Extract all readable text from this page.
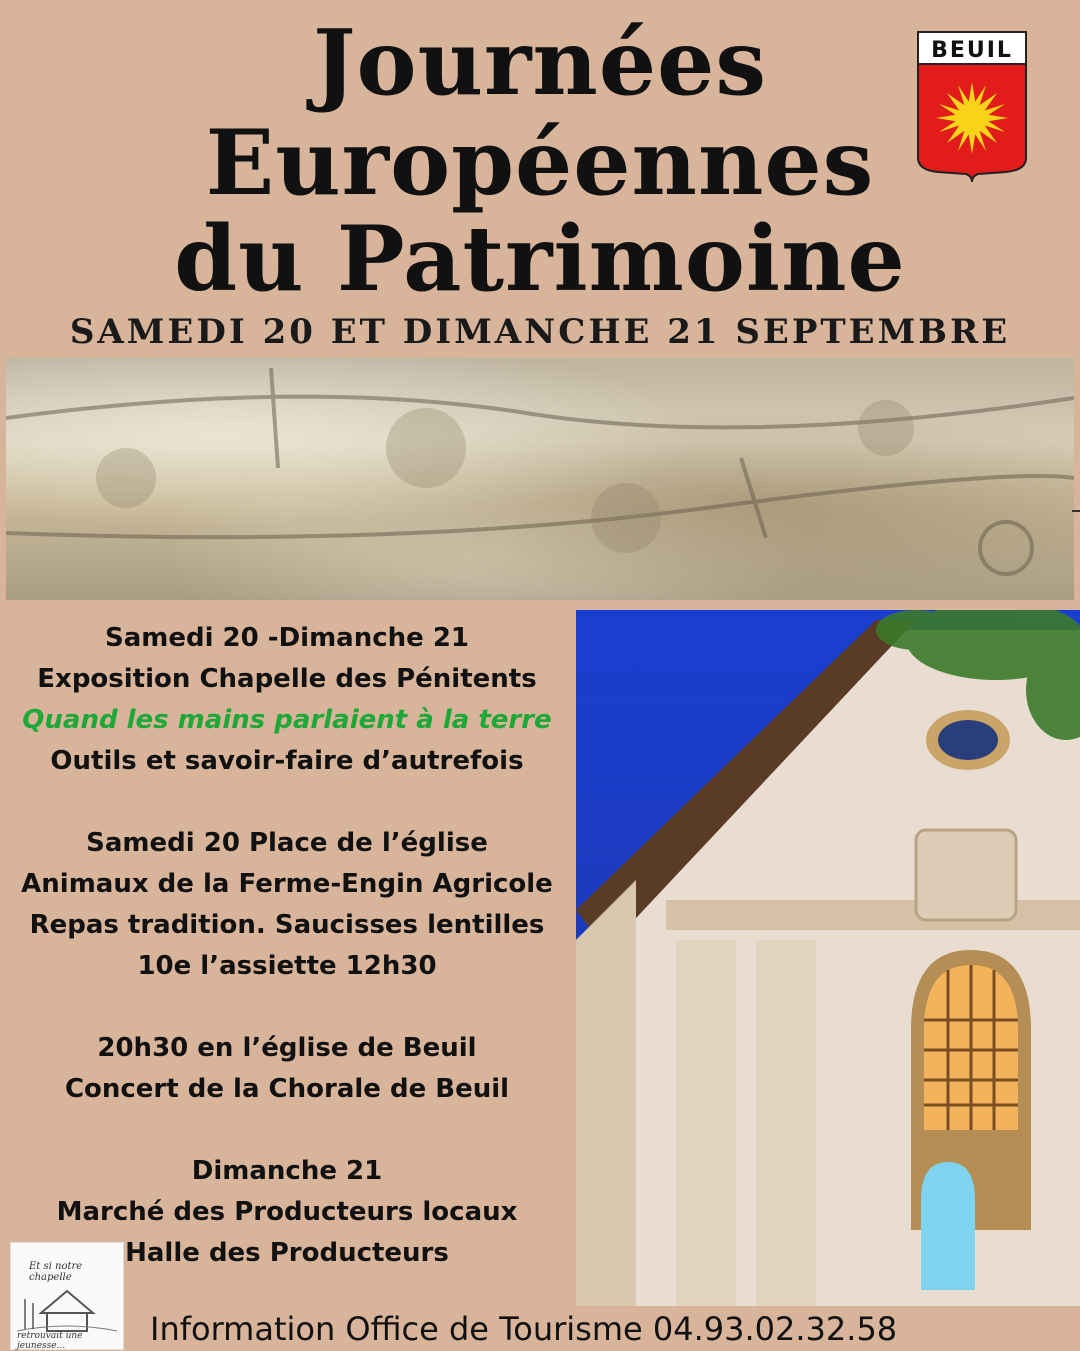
Journées
Européennes
du Patrimoine
BEUIL
SAMEDI 20 ET DIMANCHE 21 SEPTEMBRE

Samedi 20 -Dimanche 21

Exposition Chapelle des Pénitents

Quand les mains parlaient à la terre

Outils et savoir-faire d’autrefois

Samedi 20 Place de l’église

Animaux de la Ferme-Engin Agricole

Repas tradition. Saucisses lentilles

10e l’assiette 12h30

20h30 en l’église de Beuil

Concert de la Chorale de Beuil

Dimanche 21

Marché des Producteurs locaux

Halle des Producteurs

Et si notre chapelle
retrouvait une jeunesse...	Information Office de Tourisme 04.93.02.32.58
